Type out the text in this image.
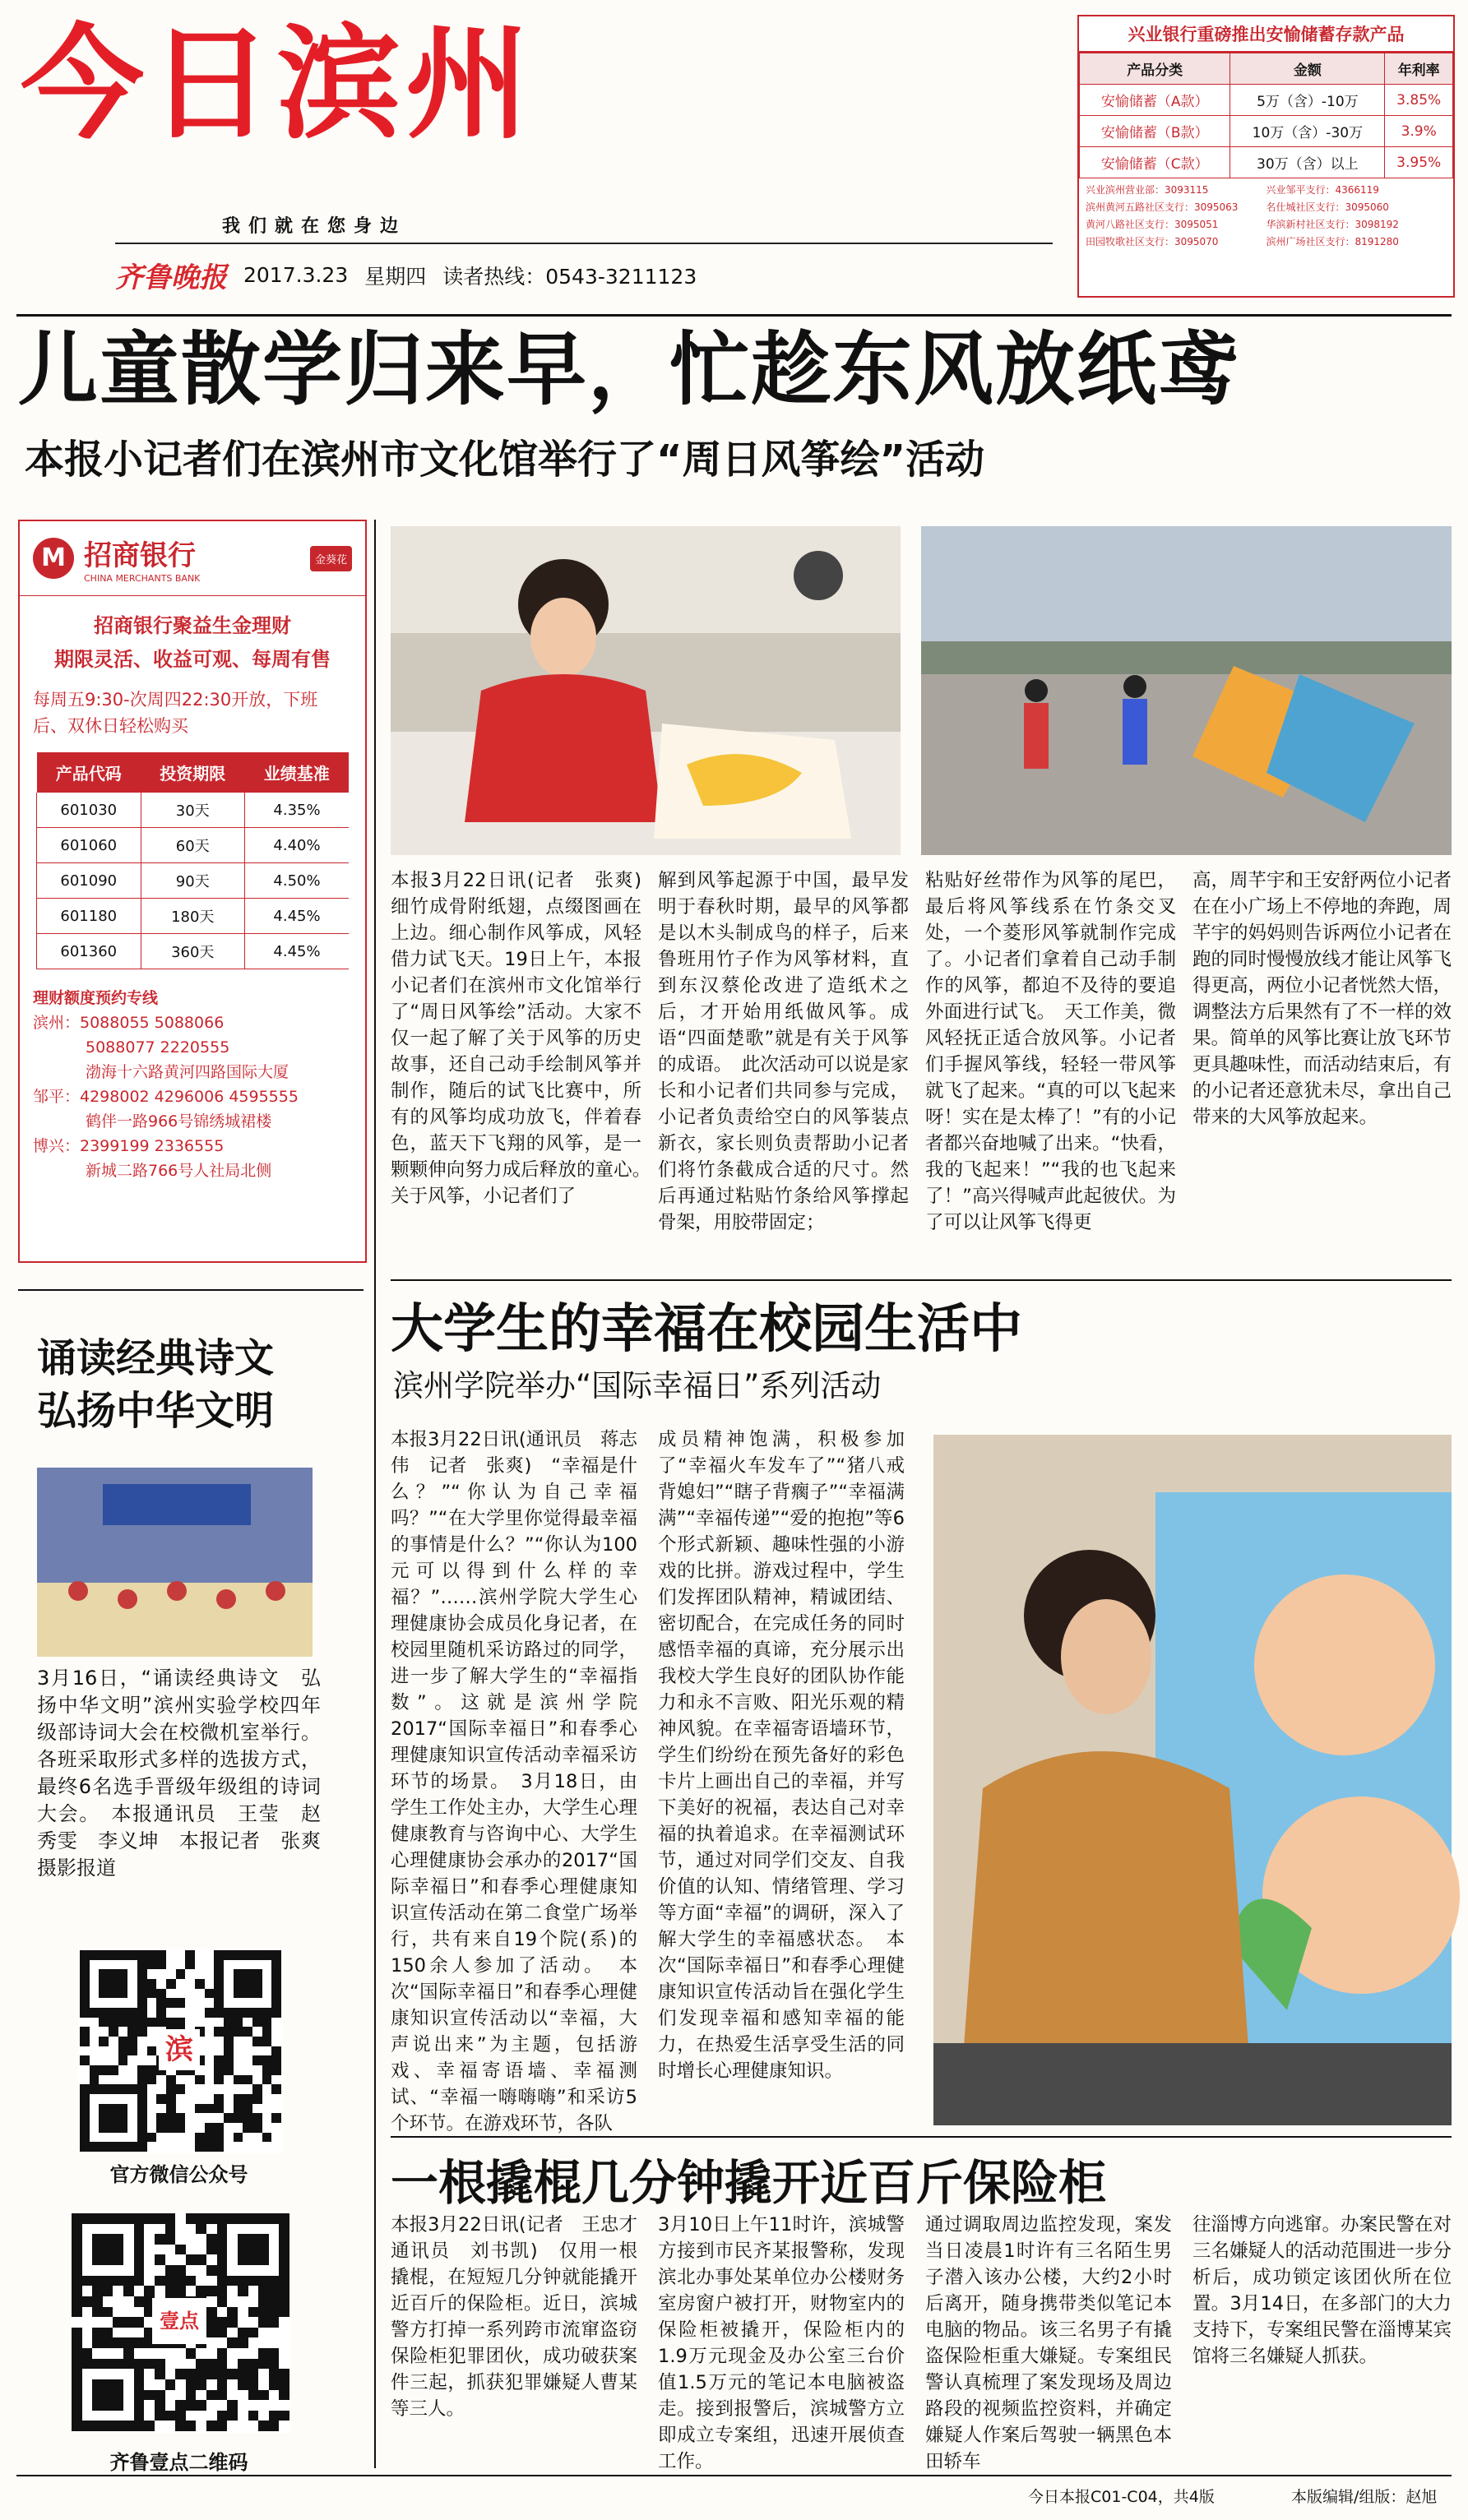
今日滨州
我们就在您身边
齐鲁晚报 2017.3.23 星期四 读者热线：0543-3211123
兴业银行重磅推出安愉储蓄存款产品
产品分类	金额	年利率
安愉储蓄（A款）	5万（含）-10万	3.85%
安愉储蓄（B款）	10万（含）-30万	3.9%
安愉储蓄（C款）	30万（含）以上	3.95%
兴业滨州营业部：3093115	兴业邹平支行：4366119
滨州黄河五路社区支行：3095063	名仕城社区支行：3095060
黄河八路社区支行：3095051	华滨新村社区支行：3098192
田园牧歌社区支行：3095070	滨州广场社区支行：8191280
儿童散学归来早，忙趁东风放纸鸢
本报小记者们在滨州市文化馆举行了“周日风筝绘”活动
M 招商银行
CHINA MERCHANTS BANK
金葵花
招商银行聚益生金理财
期限灵活、收益可观、每周有售
每周五9:30-次周四22:30开放，下班后、双休日轻松购买
产品代码	投资期限	业绩基准
601030	30天	4.35%
601060	60天	4.40%
601090	90天	4.50%
601180	180天	4.45%
601360	360天	4.45%
理财额度预约专线
滨州：5088055 5088066
5088077 2220555
渤海十六路黄河四路国际大厦
邹平：4298002 4296006 4595555
鹤伴一路966号锦绣城裙楼
博兴：2399199 2336555
新城二路766号人社局北侧
本报3月22日讯(记者　张爽)　细竹成骨附纸翅，点缀图画在上边。细心制作风筝成，风轻借力试飞天。19日上午，本报小记者们在滨州市文化馆举行了“周日风筝绘”活动。大家不仅一起了解了关于风筝的历史故事，还自己动手绘制风筝并制作，随后的试飞比赛中，所有的风筝均成功放飞，伴着春色，蓝天下飞翔的风筝，是一颗颗伸向努力成后释放的童心。　关于风筝，小记者们了
解到风筝起源于中国，最早发明于春秋时期，最早的风筝都是以木头制成鸟的样子，后来鲁班用竹子作为风筝材料，直到东汉蔡伦改进了造纸术之后，才开始用纸做风筝。成语“四面楚歌”就是有关于风筝的成语。　此次活动可以说是家长和小记者们共同参与完成，小记者负责给空白的风筝装点新衣，家长则负责帮助小记者们将竹条截成合适的尺寸。然后再通过粘贴竹条给风筝撑起骨架，用胶带固定；
粘贴好丝带作为风筝的尾巴，最后将风筝线系在竹条交叉处，一个菱形风筝就制作完成了。小记者们拿着自己动手制作的风筝，都迫不及待的要追外面进行试飞。　天工作美，微风轻抚正适合放风筝。小记者们手握风筝线，轻轻一带风筝就飞了起来。“真的可以飞起来呀！实在是太棒了！”有的小记者都兴奋地喊了出来。“快看，我的飞起来！”“我的也飞起来了！”高兴得喊声此起彼伏。为了可以让风筝飞得更
高，周芊宇和王安舒两位小记者在在小广场上不停地的奔跑，周芊宇的妈妈则告诉两位小记者在跑的同时慢慢放线才能让风筝飞得更高，两位小记者恍然大悟，调整法方后果然有了不一样的效果。简单的风筝比赛让放飞环节更具趣味性，而活动结束后，有的小记者还意犹未尽，拿出自己带来的大风筝放起来。
诵读经典诗文
弘扬中华文明
3月16日，“诵读经典诗文　弘扬中华文明”滨州实验学校四年级部诗词大会在校微机室举行。各班采取形式多样的选拔方式，最终6名选手晋级年级组的诗词大会。　本报通讯员　王莹　赵秀雯　李义坤　本报记者　张爽　摄影报道
滨
官方微信公众号
壹点
齐鲁壹点二维码
大学生的幸福在校园生活中
滨州学院举办“国际幸福日”系列活动
本报3月22日讯(通讯员　蒋志伟　记者　张爽)　“幸福是什么？”“你认为自己幸福吗？”“在大学里你觉得最幸福的事情是什么？”“你认为100元可以得到什么样的幸福？”……滨州学院大学生心理健康协会成员化身记者，在校园里随机采访路过的同学，进一步了解大学生的“幸福指数”。这就是滨州学院2017“国际幸福日”和春季心理健康知识宣传活动幸福采访环节的场景。　3月18日，由学生工作处主办，大学生心理健康教育与咨询中心、大学生心理健康协会承办的2017“国际幸福日”和春季心理健康知识宣传活动在第二食堂广场举行，共有来自19个院(系)的150余人参加了活动。　本次“国际幸福日”和春季心理健康知识宣传活动以“幸福，大声说出来”为主题，包括游戏、幸福寄语墙、幸福测试、“幸福一嗨嗨嗨”和采访5个环节。在游戏环节，各队
成员精神饱满，积极参加了“幸福火车发车了”“猪八戒背媳妇”“瞎子背瘸子”“幸福满满”“幸福传递”“爱的抱抱”等6个形式新颖、趣味性强的小游戏的比拼。游戏过程中，学生们发挥团队精神，精诚团结、密切配合，在完成任务的同时感悟幸福的真谛，充分展示出我校大学生良好的团队协作能力和永不言败、阳光乐观的精神风貌。在幸福寄语墙环节，学生们纷纷在预先备好的彩色卡片上画出自己的幸福，并写下美好的祝福，表达自己对幸福的执着追求。在幸福测试环节，通过对同学们交友、自我价值的认知、情绪管理、学习等方面“幸福”的调研，深入了解大学生的幸福感状态。　本次“国际幸福日”和春季心理健康知识宣传活动旨在强化学生们发现幸福和感知幸福的能力，在热爱生活享受生活的同时增长心理健康知识。
一根撬棍几分钟撬开近百斤保险柜
本报3月22日讯(记者　王忠才　通讯员　刘书凯)　仅用一根撬棍，在短短几分钟就能撬开近百斤的保险柜。近日，滨城警方打掉一系列跨市流窜盗窃保险柜犯罪团伙，成功破获案件三起，抓获犯罪嫌疑人曹某等三人。
3月10日上午11时许，滨城警方接到市民齐某报警称，发现滨北办事处某单位办公楼财务室房窗户被打开，财物室内的保险柜被撬开，保险柜内的1.9万元现金及办公室三台价值1.5万元的笔记本电脑被盗走。接到报警后，滨城警方立即成立专案组，迅速开展侦查工作。
通过调取周边监控发现，案发当日凌晨1时许有三名陌生男子潜入该办公楼，大约2小时后离开，随身携带类似笔记本电脑的物品。该三名男子有撬盗保险柜重大嫌疑。专案组民警认真梳理了案发现场及周边路段的视频监控资料，并确定嫌疑人作案后驾驶一辆黑色本田轿车
往淄博方向逃窜。办案民警在对三名嫌疑人的活动范围进一步分析后，成功锁定该团伙所在位置。3月14日，在多部门的大力支持下，专案组民警在淄博某宾馆将三名嫌疑人抓获。
今日本报C01-C04，共4版	本版编辑/组版：赵旭
